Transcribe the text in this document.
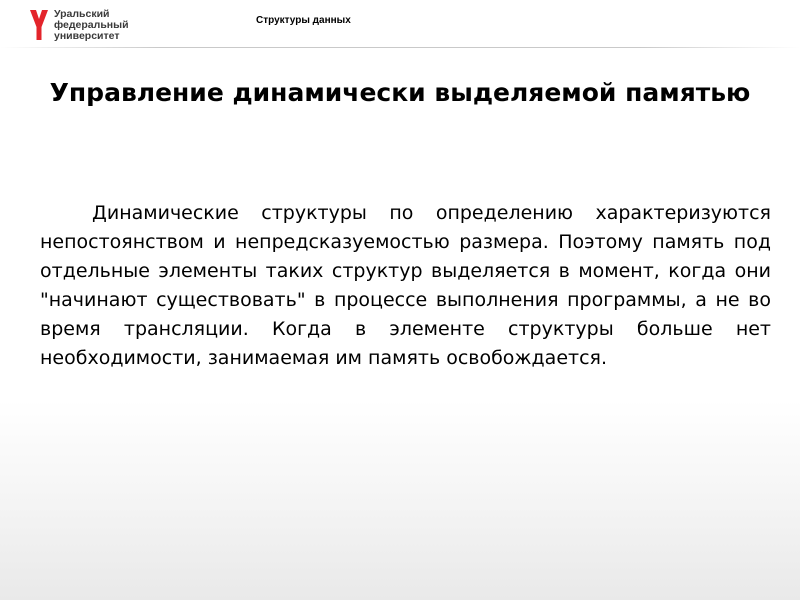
Уральский
федеральный
университет
Структуры данных
Управление динамически выделяемой памятью

Динамические структуры по определению характеризуются непостоянством и непредсказуемостью размера. Поэтому память под отдельные элементы таких структур выделяется в момент, когда они "начинают существовать" в процессе выполнения программы, а не во время трансляции. Когда в элементе структуры больше нет необходимости, занимаемая им память освобождается.
